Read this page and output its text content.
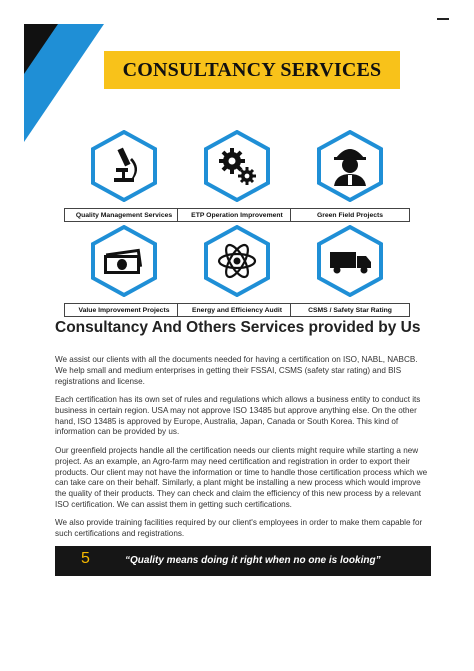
CONSULTANCY SERVICES
Quality Management Services	ETP Operation Improvement	Green Field Projects
Value Improvement Projects	Energy and Efficiency Audit	CSMS / Safety Star Rating
Consultancy And Others Services provided by Us

We assist our clients with all the documents needed for having a certification on ISO, NABL, NABCB. We help small and medium enterprises in getting their FSSAI, CSMS (safety star rating) and BIS registrations and license.

Each certification has its own set of rules and regulations which allows a business entity to conduct its business in certain region. USA may not approve ISO 13485 but approve anything else. On the other hand, ISO 13485 is approved by Europe, Australia, Japan, Canada or South Korea. This kind of information can be provided by us.

Our greenfield projects handle all the certification needs our clients might require while starting a new project. As an example, an Agro-farm may need certification and registration in order to export their products. Our client may not have the information or time to handle those certification process which we can take care on their behalf. Similarly, a plant might be installing a new process which would improve the quality of their products. They can check and claim the efficiency of this new process by a relevant ISO certification. We can assist them in getting such certifications.

We also provide training facilities required by our client's employees in order to make them capable for such certifications and registrations.

5	“Quality means doing it right when no one is looking”
